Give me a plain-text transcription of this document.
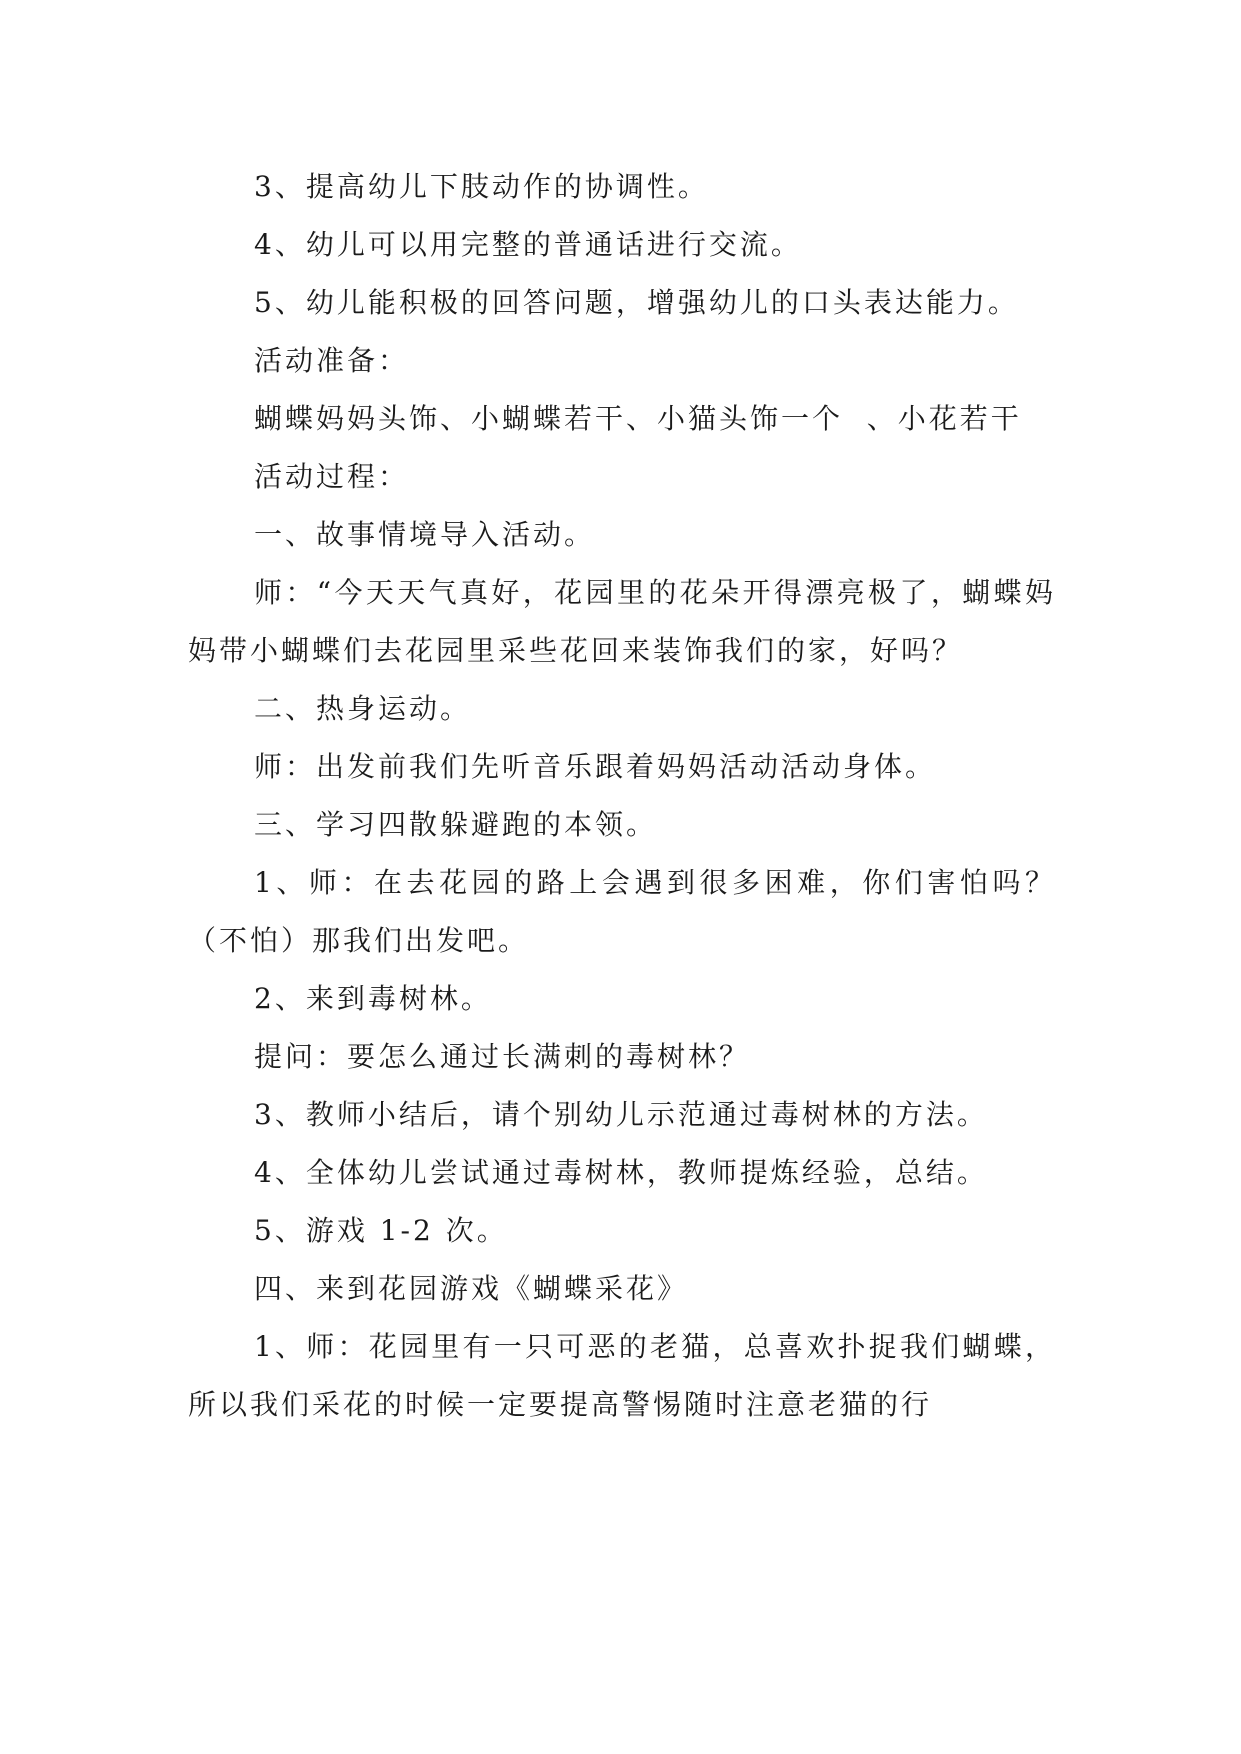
3、提高幼儿下肢动作的协调性。

4、幼儿可以用完整的普通话进行交流。

5、幼儿能积极的回答问题，增强幼儿的口头表达能力。

活动准备：

蝴蝶妈妈头饰、小蝴蝶若干、小猫头饰一个  、小花若干

活动过程：

一、故事情境导入活动。

师：“今天天气真好，花园里的花朵开得漂亮极了，蝴蝶妈妈带小蝴蝶们去花园里采些花回来装饰我们的家，好吗？

二、热身运动。

师：出发前我们先听音乐跟着妈妈活动活动身体。

三、学习四散躲避跑的本领。

1、师：在去花园的路上会遇到很多困难，你们害怕吗？（不怕）那我们出发吧。

2、来到毒树林。

提问：要怎么通过长满刺的毒树林？

3、教师小结后，请个别幼儿示范通过毒树林的方法。

4、全体幼儿尝试通过毒树林，教师提炼经验，总结。

5、游戏 1-2 次。

四、来到花园游戏《蝴蝶采花》

1、师：花园里有一只可恶的老猫，总喜欢扑捉我们蝴蝶，所以我们采花的时候一定要提高警惕随时注意老猫的行
